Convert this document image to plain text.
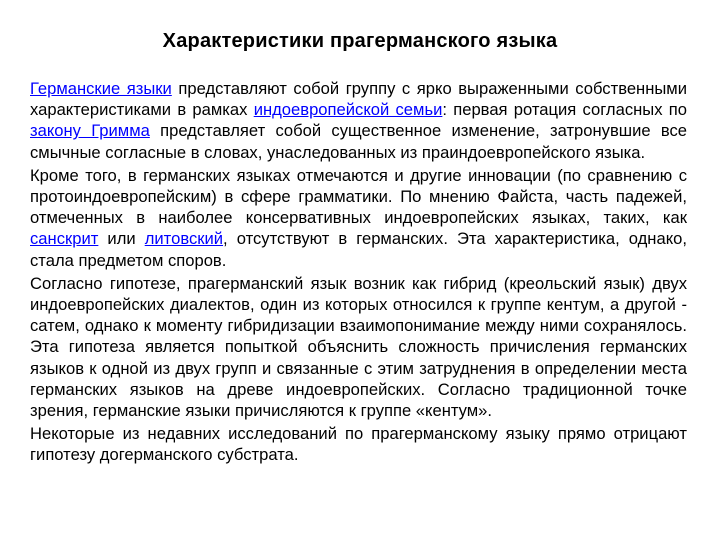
Характеристики прагерманского языка

Германские языки представляют собой группу с ярко выраженными собственными характеристиками в рамках индоевропейской семьи: первая ротация согласных по закону Гримма представляет собой существенное изменение, затронувшие все смычные согласные в словах, унаследованных из праиндоевропейского языка.

Кроме того, в германских языках отмечаются и другие инновации (по сравнению с протоиндоевропейским) в сфере грамматики. По мнению Файста, часть падежей, отмеченных в наиболее консервативных индоевропейских языках, таких, как санскрит или литовский, отсутствуют в германских. Эта характеристика, однако, стала предметом споров.

Согласно гипотезе, прагерманский язык возник как гибрид (креольский язык) двух индоевропейских диалектов, один из которых относился к группе кентум, а другой - сатем, однако к моменту гибридизации взаимопонимание между ними сохранялось. Эта гипотеза является попыткой объяснить сложность причисления германских языков к одной из двух групп и связанные с этим затруднения в определении места германских языков на древе индоевропейских. Согласно традиционной точке зрения, германские языки причисляются к группе «кентум».

Некоторые из недавних исследований по прагерманскому языку прямо отрицают гипотезу догерманского субстрата.
